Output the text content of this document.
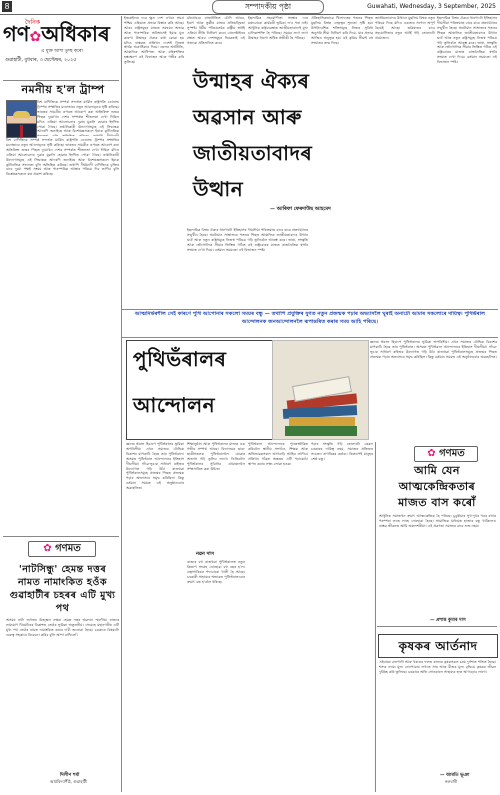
8	সম্পাদকীয় পৃষ্ঠা	Guwahati, Wednesday, 3 September, 2025
দৈনিক
গণ✿অধিকাৰ
এ যুক্ত আশা তুচ্ছ কৰো
গুৱাহাটী, বুধবাৰ, ৩ ছেপ্টেম্বৰ, ২০২৫
নমনীয় হ'ল ট্ৰাম্প
বিশ্ব বাণিজ্যিক সম্পৰ্ক সন্দৰ্ভত মাৰ্কিন ৰাষ্ট্ৰপতি ডোনাল্ড ট্ৰাম্পৰ সম্প্ৰতিৰ মনোভাবে নতুন আলোড়নৰ সৃষ্টি কৰিছে। ভাৰতৰ সামগ্ৰীৰ ওপৰত আৰোপ কৰা অতিৰিক্ত শুল্কৰ পিছত দুয়োখন দেশৰ সম্পৰ্কত শীতলতা দেখা দিছিল যদিও এতিয়া আলোচনাৰ দুৱাৰ মুকলি হোৱাৰ ইংগিত পোৱা গৈছে। ৰপ্তানিকাৰী উদ্যোগসমূহে এই সিদ্ধান্তক আদৰণি জনাইছে আৰু বিশেষজ্ঞসকলে ইয়াক কূটনৈতিক
বিশ্ব বাণিজ্যিক সম্পৰ্ক সন্দৰ্ভত মাৰ্কিন ৰাষ্ট্ৰপতি ডোনাল্ড ট্ৰাম্পৰ সম্প্ৰতিৰ মনোভাবে নতুন আলোড়নৰ সৃষ্টি কৰিছে। ভাৰতৰ সামগ্ৰীৰ ওপৰত আৰোপ কৰা অতিৰিক্ত শুল্কৰ পিছত দুয়োখন দেশৰ সম্পৰ্কত শীতলতা দেখা দিছিল যদিও এতিয়া আলোচনাৰ দুৱাৰ মুকলি হোৱাৰ ইংগিত পোৱা গৈছে। ৰপ্তানিকাৰী উদ্যোগসমূহে এই সিদ্ধান্তক আদৰণি জনাইছে আৰু বিশেষজ্ঞসকলে ইয়াক কূটনৈতিক সফলতা বুলি অভিহিত কৰিছে। তথাপি দীৰ্ঘম্যাদী বাণিজ্যিক চুক্তিৰ বাবে দুয়ো পক্ষই সংযম আৰু পাৰস্পৰিক আস্থাৰ পৰিচয় দিব লাগিব বুলি বিশ্লেষকসকলে মত প্ৰকাশ কৰিছে।
✿ গণমত
'নাটসিন্ধু' হেমন্ত দত্তৰ নামত নামাংকিত হওঁক গুৱাহাটীৰ চহৰৰ এটি মুখ্য পথ
অসমৰ নাট্য জগতৰ উজ্জ্বল নক্ষত্ৰ হেমন্ত দত্তৰ অৱদান স্মৰণীয়। ৰাজ্যৰ ভ্ৰাম্যমাণ থিয়েটাৰৰ বিকাশত তেওঁৰ ভূমিকা অতুলনীয়। সেয়েহে মহানগৰীৰ এটি মুখ্য পথ তেওঁৰ নামত নামাংকিত কৰাৰ দাবী জনোৱা হৈছে। চৰকাৰে বিষয়টো গুৰুত্ব সহকাৰে বিবেচনা কৰিব বুলি আশা ৰাখিলোঁ।
দিলীপ শৰ্মা
আৰ্যবিদ্যাপীঠ, গুৱাহাটী
ইজৰাইলৰ দৰে ক্ষুদ্ৰ দেশ এখনে সমগ্ৰ পশ্চিম এছিয়াত প্ৰভাৱ বিস্তাৰ কৰি আছে। আৰব ৰাষ্ট্ৰসমূহৰ মাজত সমন্বয়ৰ অভাৱ আৰু পাৰস্পৰিক অবিশ্বাসেই ইয়াৰ মূল কাৰণ। উন্মাহৰ ঐক্যৰ কথা কোৱা হয় যদিও বাস্তৱত প্ৰতিখন দেশেই নিজস্ব স্বাৰ্থক অগ্ৰাধিকাৰ দিয়ে। তেলৰ অৰ্থনীতি, আঞ্চলিক আধিপত্য আৰু বহিঃশক্তিৰ হস্তক্ষেপে এই বিভাজন আৰু গভীৰ কৰি তুলিছে।
মধ্যপ্ৰাচ্যৰ ৰাজনীতিত চৌদি আৰব, ইৰাণ আৰু তুৰ্কীৰ মাজৰ প্ৰতিদ্বন্দ্বিতা সুস্পষ্ট। ধৰ্মীয় পৰিচয়তকৈ ৰাষ্ট্ৰীয় স্বাৰ্থই এতিয়া নীতি নিৰ্ধাৰণ কৰে। প্ৰেলেষ্টাইনৰ প্ৰশ্নত আৰব দেশসমূহৰ নিৰৱতাই এই সত্যকে প্ৰতিফলিত কৰে।
ইছলামিক সহযোগিতা সংস্থাৰ দৰে মঞ্চবোৰো কাৰ্যকৰী ভূমিকা ল'ব পৰা নাই। আধুনিক ৰাষ্ট্ৰব্যৱস্থাত জাতীয়তাবাদেই মুখ্য চালিকাশক্তি হৈ পৰিছে। সময়ৰ লগে লগে উন্মাহৰ ধাৰণা অধিক প্ৰতীকী হৈ পৰিছে।
ঐতিহাসিকভাৱে খিলাফতৰ পতনৰ পিছত মুছলিম বিশ্বত নেতৃত্বৰ শূন্যতা সৃষ্টি হয়। উপনিবেশিক শক্তিসমূহে নিজৰ সুবিধা অনুসৰি সীমা নিৰ্ধাৰণ কৰি দিয়ে, যাৰ প্ৰভাৱ আজিও অনুভূত হয়। এই কৃত্ৰিম সীমাই বহু সংঘাতৰ জন্ম দিছে।
জাতীয়তাবাদৰ উত্থানে মুছলিম বিশ্বক নতুন পৰিচয় দিছে যদিও একতাৰ সপোন অপূৰ্ণ হৈয়েই আছে। ভৱিষ্যতৰ বাবে সহযোগিতাৰ নতুন আৰ্হি গঢ়ি তোলাটো প্ৰয়োজন।
ইছলামিক বিশ্বৰ ঐক্যৰ ধাৰণাটো ইতিহাসৰ দীঘলীয়া পৰিক্ৰমাত বাৰে বাৰে প্ৰত্যাহ্বানৰ সন্মুখীন হৈছে। অটোমান সাম্ৰাজ্যৰ পতনৰ পিছত আঞ্চলিক জাতীয়তাবাদৰ উত্থান ঘটে আৰু নতুন ৰাষ্ট্ৰসমূহে নিজস্ব পৰিচয় গঢ়ি তুলিবলৈ আৰম্ভ কৰে। ভাষা, সংস্কৃতি আৰু ভৌগোলিক সীমাৰ ভিত্তিত গঠিত এই ৰাষ্ট্ৰবোৰৰ মাজত ৰাজনৈতিক স্বাৰ্থৰ সংঘাত দেখা দিয়ে। বৰ্তমান সময়তো এই বিভাজন স্পষ্ট।
উন্মাহৰ ঐক্যৰ
অৱসান আৰু
জাতীয়তাবাদৰ
উত্থান
— আৰিফা ফেৰদাউছ আহমেদ
ইছলামিক বিশ্বৰ ঐক্যৰ ধাৰণাটো ইতিহাসৰ দীঘলীয়া পৰিক্ৰমাত বাৰে বাৰে প্ৰত্যাহ্বানৰ সন্মুখীন হৈছে। অটোমান সাম্ৰাজ্যৰ পতনৰ পিছত আঞ্চলিক জাতীয়তাবাদৰ উত্থান ঘটে আৰু নতুন ৰাষ্ট্ৰসমূহে নিজস্ব পৰিচয় গঢ়ি তুলিবলৈ আৰম্ভ কৰে। ভাষা, সংস্কৃতি আৰু ভৌগোলিক সীমাৰ ভিত্তিত গঠিত এই ৰাষ্ট্ৰবোৰৰ মাজত ৰাজনৈতিক স্বাৰ্থৰ সংঘাত দেখা দিয়ে। বৰ্তমান সময়তো এই বিভাজন স্পষ্ট।
আত্মনিৰ্ভৰশীল সেই কাৰণে পুথি আপোনাৰ সকলো সময়ৰ বন্ধু — তথাপি প্ৰযুক্তিৰ যুগত নতুন প্ৰজন্মক পঢ়াৰ অভ্যাসলৈ ঘূৰাই অনাটো আমাৰ সকলোৰে দায়িত্ব। পুথিভঁৰাল আন্দোলনক জনআন্দোলনলৈ ৰূপান্তৰিত কৰাৰ সময় আহি পৰিছে।
পুথিভঁৰালৰ
আন্দোলন
জ্ঞানৰ ভঁৰাল হিচাপে পুথিভঁৰালৰ ভূমিকা অপৰিসীম। এখন সমাজৰ বৌদ্ধিক বিকাশৰ মাপকাঠি হৈছে তাৰ পুথিভঁৰাল। অসমত পুথিভঁৰাল আন্দোলনৰ ইতিহাস দীঘলীয়া। গাঁৱে-ভূঞে সাধাৰণ ৰাইজৰ উদ্যোগত গঢ়ি উঠা ৰাজহুৱা পুথিভঁৰালসমূহে প্ৰজন্মৰ পিছত প্ৰজন্মক পঢ়াৰ অভ্যাসৰে সমৃদ্ধ কৰিছিল। কিন্তু বৰ্তমান সময়ত এই অনুষ্ঠানবোৰ অৱহেলিত।
জ্ঞানৰ ভঁৰাল হিচাপে পুথিভঁৰালৰ ভূমিকা অপৰিসীম। এখন সমাজৰ বৌদ্ধিক বিকাশৰ মাপকাঠি হৈছে তাৰ পুথিভঁৰাল। অসমত পুথিভঁৰাল আন্দোলনৰ ইতিহাস দীঘলীয়া। গাঁৱে-ভূঞে সাধাৰণ ৰাইজৰ উদ্যোগত গঢ়ি উঠা ৰাজহুৱা পুথিভঁৰালসমূহে প্ৰজন্মৰ পিছত প্ৰজন্মক পঢ়াৰ অভ্যাসৰে সমৃদ্ধ কৰিছিল। কিন্তু বৰ্তমান সময়ত এই অনুষ্ঠানবোৰ অৱহেলিত।
শিক্ষানুষ্ঠান আৰু পুথিভঁৰালৰ মাজত এক গভীৰ সম্পৰ্ক আছে। বিদ্যালয়ৰ ছাত্ৰ-ছাত্ৰীসকলক পুথিভঁৰাললৈ যোৱাৰ অভ্যাস গঢ়ি তুলিব লাগে। ডিজিটেল পুথিভঁৰালৰ সুবিধাও গ্ৰামাঞ্চললৈ সম্প্ৰসাৰিত কৰা উচিত।
নৱন দাস
ৰাজ্যৰ বহু ৰাজহুৱা পুথিভঁৰালত নতুন কিতাপ সংগ্ৰহ নোহোৱা বহু বছৰ হ'ল। গ্ৰন্থাগাৰিকৰ পদবোৰো খালী হৈ আছে। চৰকাৰী সাহায্যৰ অভাৱত পুথিভঁৰালবোৰ ক্ৰমাৎ বন্ধ হ'বলৈ ধৰিছে।
পুথিভঁৰাল আন্দোলনক পুনৰুজ্জীৱিত কৰিবলৈ স্থানীয় সংগঠন, শিক্ষক আৰু অভিভাৱকসকল আগবাঢ়ি আহিব লাগিব। প্ৰতিখন গাঁৱত অন্ততঃ এটি পঢ়াকোঠা স্থাপন কৰাৰ লক্ষ্য লোৱা হওক।
পঢ়াৰ সংস্কৃতি গঢ়ি তোলাটো কেৱল চৰকাৰৰ দায়িত্ব নহয়, সমাজৰ প্ৰতিজন সচেতন নাগৰিকৰ কৰ্তব্য। কিতাপেই মানুহৰ শ্ৰেষ্ঠ বন্ধু।	✿ গণমত
আমি যেন
আত্মকেন্দ্ৰিকতাৰ
মাজত বাস কৰোঁ
আধুনিক সমাজখন ক্ৰমাৎ আত্মকেন্দ্ৰিক হৈ পৰিছে। চুবুৰীয়াৰ সুখ-দুখৰ খবৰ ৰখাৰ পৰম্পৰা লাহে লাহে নোহোৱা হৈছে। সামাজিক মাধ্যমত হাজাৰ বন্ধু থাকিলেও বাস্তৱ জীৱনত আমি অকলশৰীয়া। এই প্ৰৱণতা সমাজৰ বাবে শুভ নহয়।
— প্ৰশান্ত কুমাৰ দাস
কৃষকৰ আৰ্তনাদ
এইবাৰৰ বানপানী আৰু খৰাঙৰ ফলত ৰাজ্যৰ কৃষকসকল চৰম দুৰ্দশাত পতিত হৈছে। শস্যৰ ন্যায্য মূল্য নোপোৱাৰ লগতে সাৰ আৰু বীজৰ মূল্য বৃদ্ধিয়ে কৃষকৰ জীৱন দুৰ্বিষহ কৰি তুলিছে। চৰকাৰে অতি সোনকালে সাহায্যৰ হাত আগবঢ়াব লাগে।
— আৰতি ভূঞা
নলবাৰী
